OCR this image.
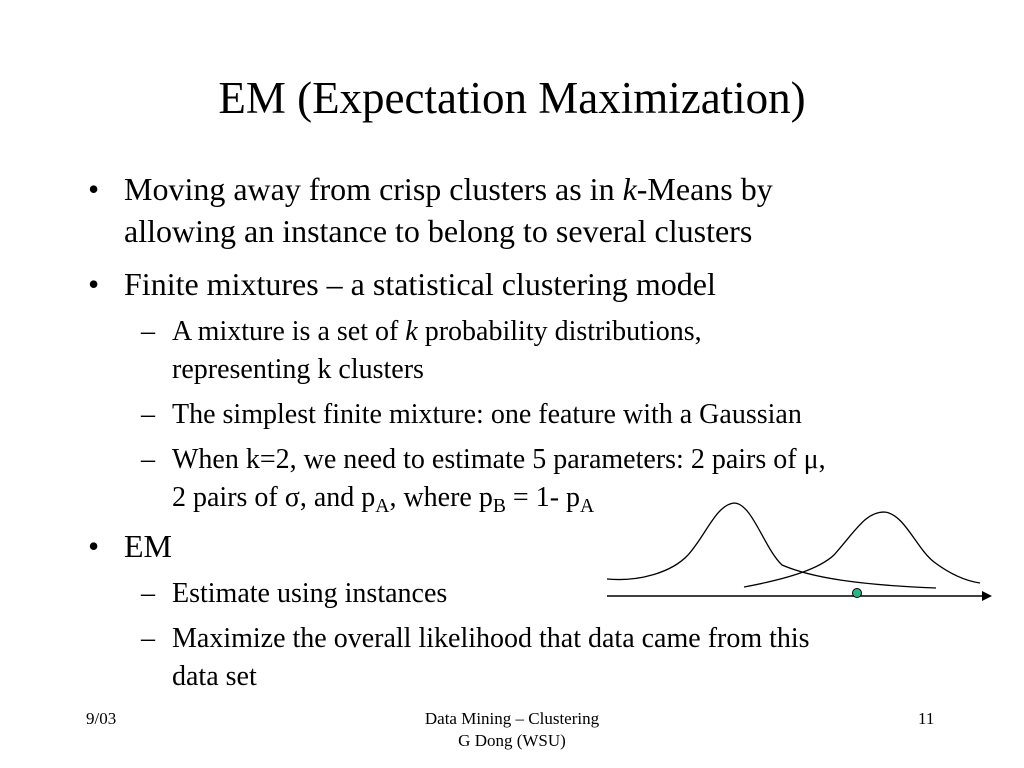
EM (Expectation Maximization)
• Moving away from crisp clusters as in k-Means by
allowing an instance to belong to several clusters
• Finite mixtures – a statistical clustering model
– A mixture is a set of k probability distributions,
representing k clusters
– The simplest finite mixture: one feature with a Gaussian
– When k=2, we need to estimate 5 parameters: 2 pairs of μ,
2 pairs of σ, and $p_A$, where $p_B = 1-$ $p_A$
• EM
– Estimate using instances
– Maximize the overall likelihood that data came from this
data set
9/03	Data Mining – Clustering
G Dong (WSU)
11
